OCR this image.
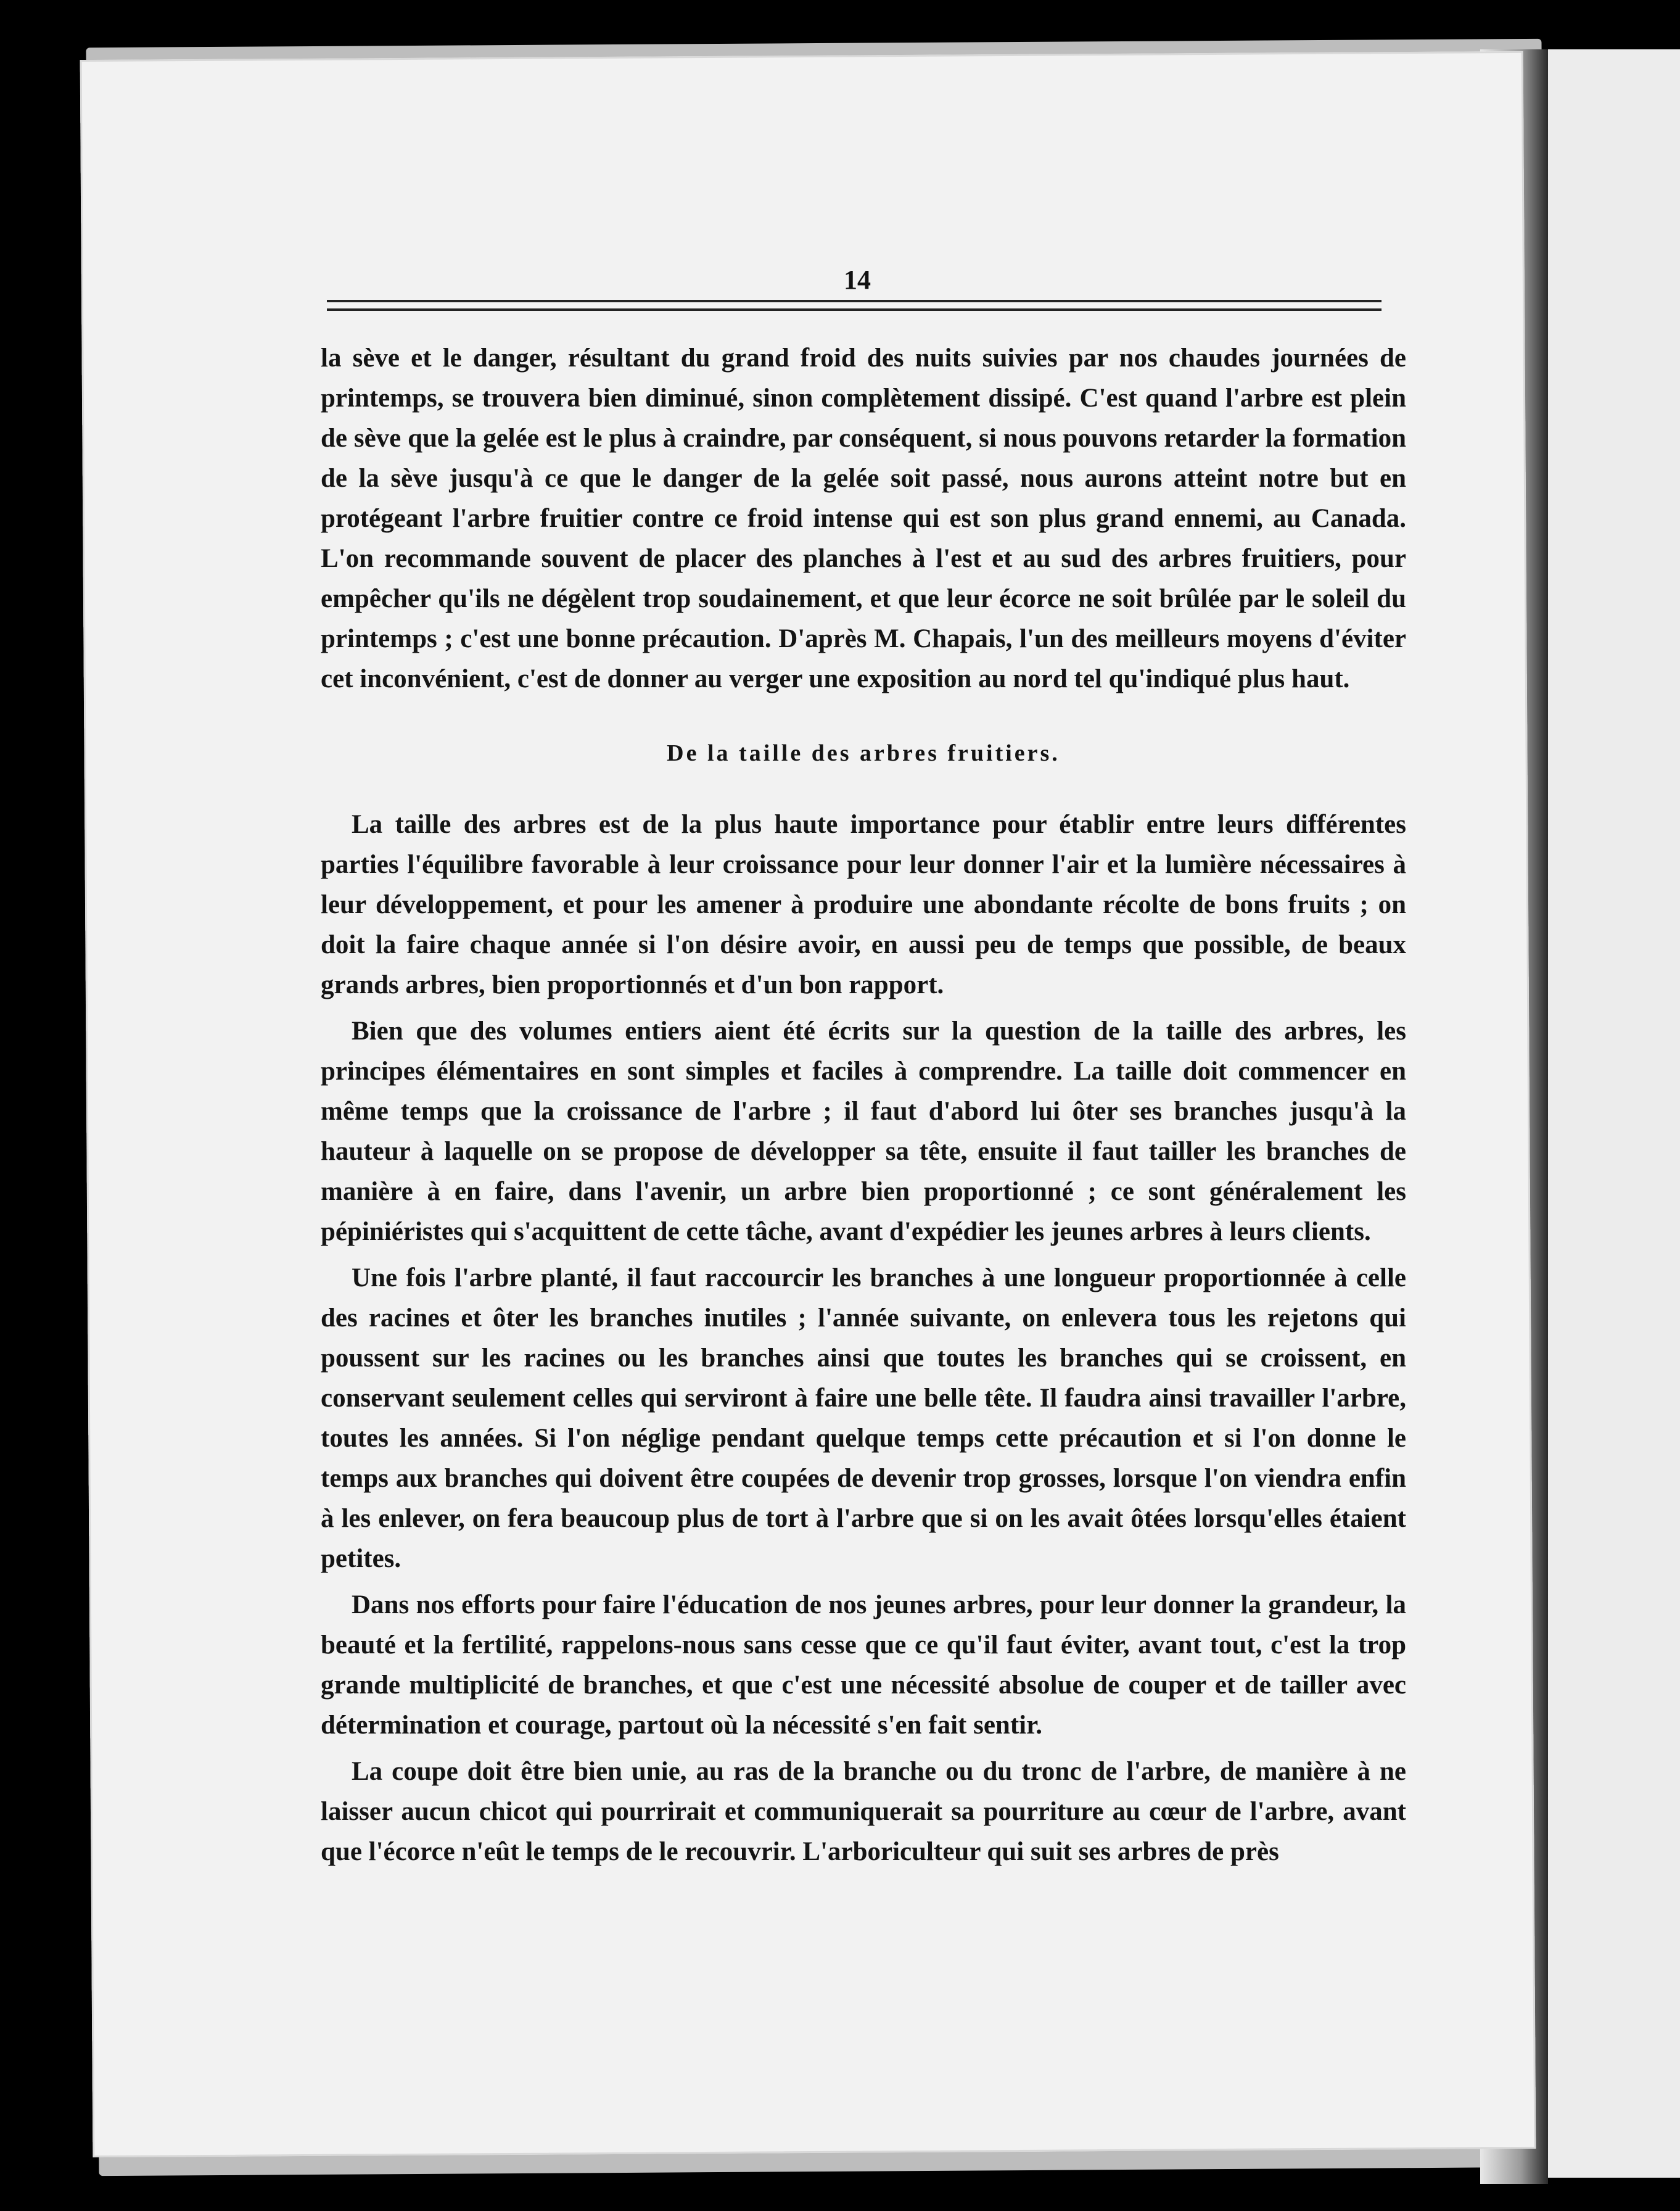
14

la sève et le danger, résultant du grand froid des nuits suivies par nos chaudes journées de printemps, se trouvera bien diminué, sinon complètement dissipé. C'est quand l'arbre est plein de sève que la gelée est le plus à craindre, par conséquent, si nous pouvons retarder la formation de la sève jusqu'à ce que le danger de la gelée soit passé, nous aurons atteint notre but en protégeant l'arbre fruitier contre ce froid intense qui est son plus grand ennemi, au Canada. L'on recommande souvent de placer des planches à l'est et au sud des arbres fruitiers, pour empêcher qu'ils ne dégèlent trop soudainement, et que leur écorce ne soit brûlée par le soleil du printemps ; c'est une bonne précaution. D'après M. Chapais, l'un des meilleurs moyens d'éviter cet inconvénient, c'est de donner au verger une exposition au nord tel qu'indiqué plus haut.

De la taille des arbres fruitiers.

La taille des arbres est de la plus haute importance pour établir entre leurs différentes parties l'équilibre favorable à leur croissance pour leur donner l'air et la lumière nécessaires à leur développement, et pour les amener à produire une abondante récolte de bons fruits ; on doit la faire chaque année si l'on désire avoir, en aussi peu de temps que possible, de beaux grands arbres, bien proportionnés et d'un bon rapport.

Bien que des volumes entiers aient été écrits sur la question de la taille des arbres, les principes élémentaires en sont simples et faciles à comprendre. La taille doit commencer en même temps que la croissance de l'arbre ; il faut d'abord lui ôter ses branches jusqu'à la hauteur à laquelle on se propose de développer sa tête, ensuite il faut tailler les branches de manière à en faire, dans l'avenir, un arbre bien proportionné ; ce sont généralement les pépiniéristes qui s'acquittent de cette tâche, avant d'expédier les jeunes arbres à leurs clients.

Une fois l'arbre planté, il faut raccourcir les branches à une longueur proportionnée à celle des racines et ôter les branches inutiles ; l'année suivante, on enlevera tous les rejetons qui poussent sur les racines ou les branches ainsi que toutes les branches qui se croissent, en conservant seulement celles qui serviront à faire une belle tête. Il faudra ainsi travailler l'arbre, toutes les années. Si l'on néglige pendant quelque temps cette précaution et si l'on donne le temps aux branches qui doivent être coupées de devenir trop grosses, lorsque l'on viendra enfin à les enlever, on fera beaucoup plus de tort à l'arbre que si on les avait ôtées lorsqu'elles étaient petites.

Dans nos efforts pour faire l'éducation de nos jeunes arbres, pour leur donner la grandeur, la beauté et la fertilité, rappelons-nous sans cesse que ce qu'il faut éviter, avant tout, c'est la trop grande multiplicité de branches, et que c'est une nécessité absolue de couper et de tailler avec détermination et courage, partout où la nécessité s'en fait sentir.

La coupe doit être bien unie, au ras de la branche ou du tronc de l'arbre, de manière à ne laisser aucun chicot qui pourrirait et communiquerait sa pourriture au cœur de l'arbre, avant que l'écorce n'eût le temps de le recouvrir. L'arboriculteur qui suit ses arbres de près
